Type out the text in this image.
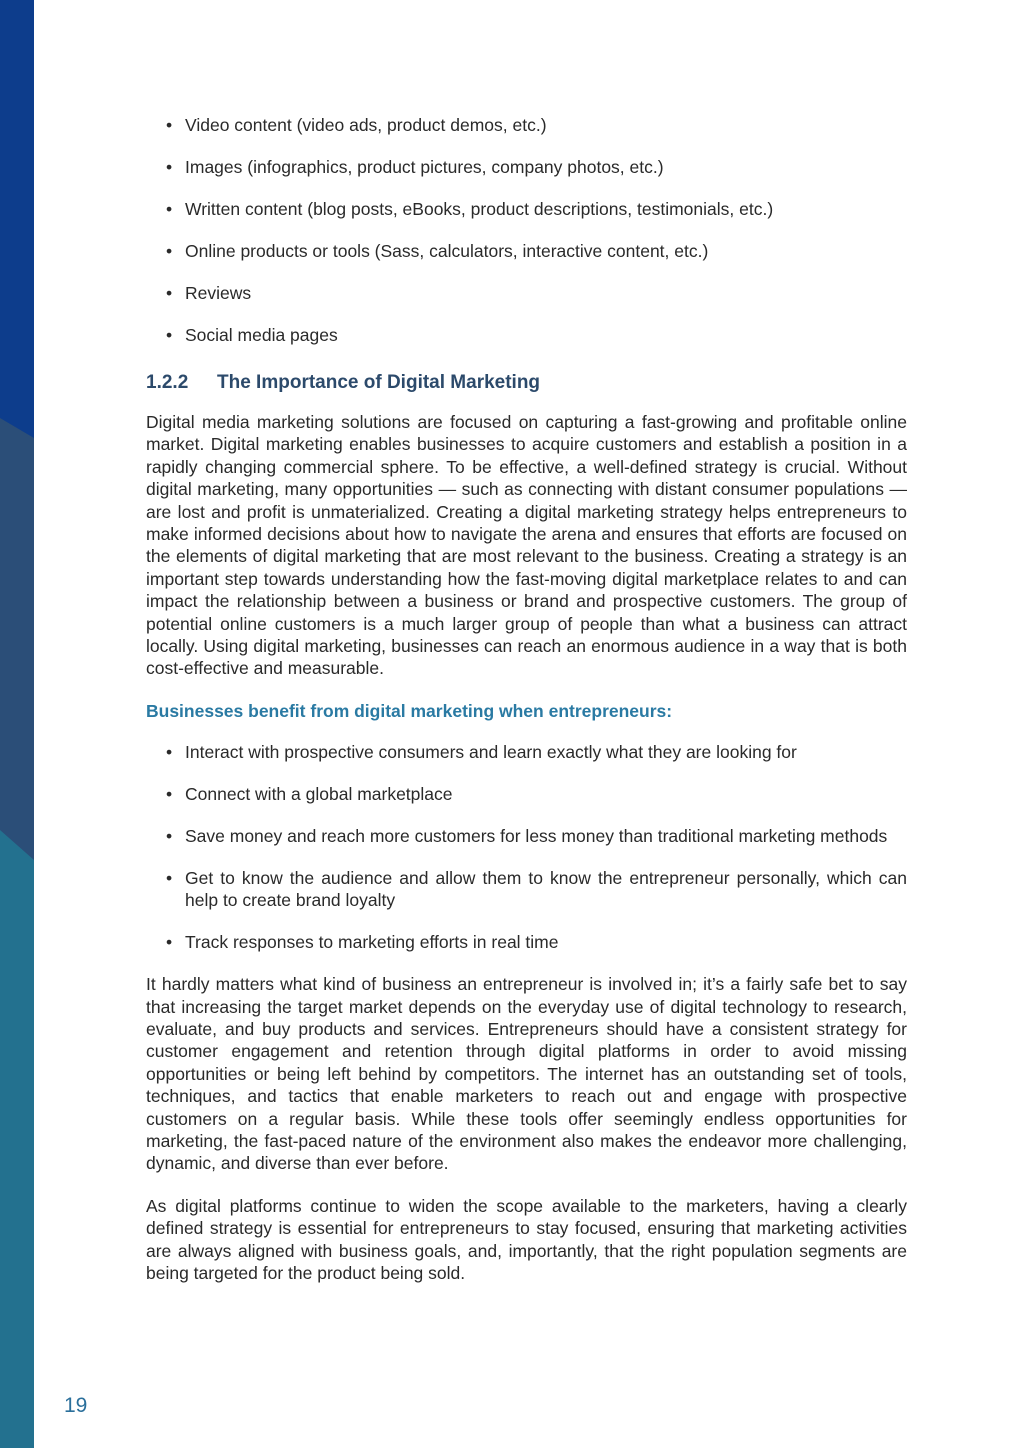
• Video content (video ads, product demos, etc.)
• Images (infographics, product pictures, company photos, etc.)
• Written content (blog posts, eBooks, product descriptions, testimonials, etc.)
• Online products or tools (Sass, calculators, interactive content, etc.)
• Reviews
• Social media pages
1.2.2 The Importance of Digital Marketing

Digital media marketing solutions are focused on capturing a fast-growing and profitable online market. Digital marketing enables businesses to acquire customers and establish a position in a rapidly changing commercial sphere. To be effective, a well-defined strategy is crucial. Without digital marketing, many opportunities — such as connecting with distant consumer populations — are lost and profit is unmaterialized. Creating a digital marketing strategy helps entrepreneurs to make informed decisions about how to navigate the arena and ensures that efforts are focused on the elements of digital marketing that are most relevant to the business. Creating a strategy is an important step towards understanding how the fast-moving digital marketplace relates to and can impact the relationship between a business or brand and prospective customers. The group of potential online customers is a much larger group of people than what a business can attract locally. Using digital marketing, businesses can reach an enormous audience in a way that is both cost-effective and measurable.

Businesses benefit from digital marketing when entrepreneurs:
• Interact with prospective consumers and learn exactly what they are looking for
• Connect with a global marketplace
• Save money and reach more customers for less money than traditional marketing methods
• Get to know the audience and allow them to know the entrepreneur personally, which can help to create brand loyalty
• Track responses to marketing efforts in real time

It hardly matters what kind of business an entrepreneur is involved in; it’s a fairly safe bet to say that increasing the target market depends on the everyday use of digital technology to research, evaluate, and buy products and services. Entrepreneurs should have a consistent strategy for customer engagement and retention through digital platforms in order to avoid missing opportunities or being left behind by competitors. The internet has an outstanding set of tools, techniques, and tactics that enable marketers to reach out and engage with prospective customers on a regular basis. While these tools offer seemingly endless opportunities for marketing, the fast-paced nature of the environment also makes the endeavor more challenging, dynamic, and diverse than ever before.

As digital platforms continue to widen the scope available to the marketers, having a clearly defined strategy is essential for entrepreneurs to stay focused, ensuring that marketing activities are always aligned with business goals, and, importantly, that the right population segments are being targeted for the product being sold.

19
